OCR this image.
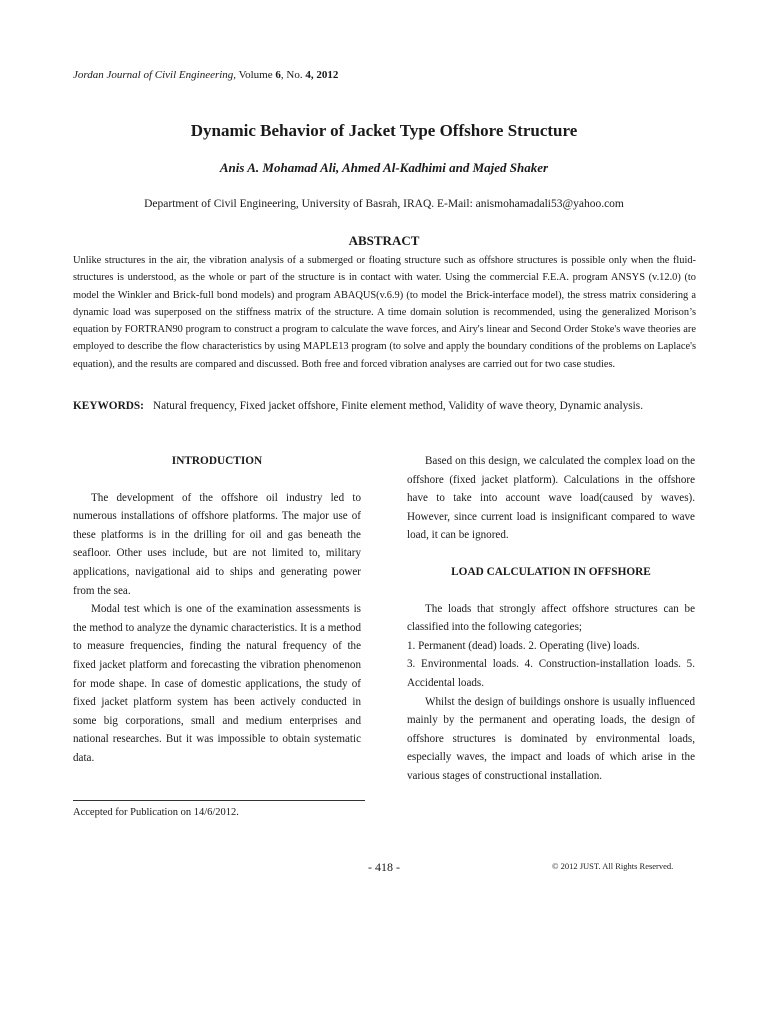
Jordan Journal of Civil Engineering, Volume 6, No. 4, 2012
Dynamic Behavior of Jacket Type Offshore Structure
Anis A. Mohamad Ali, Ahmed Al-Kadhimi and Majed Shaker
Department of Civil Engineering, University of Basrah, IRAQ. E-Mail: anismohamadali53@yahoo.com
ABSTRACT

Unlike structures in the air, the vibration analysis of a submerged or floating structure such as offshore structures is possible only when the fluid-structures is understood, as the whole or part of the structure is in contact with water. Using the commercial F.E.A. program ANSYS (v.12.0) (to model the Winkler and Brick-full bond models) and program ABAQUS(v.6.9) (to model the Brick-interface model), the stress matrix considering a dynamic load was superposed on the stiffness matrix of the structure. A time domain solution is recommended, using the generalized Morison’s equation by FORTRAN90 program to construct a program to calculate the wave forces, and Airy's linear and Second Order Stoke's wave theories are employed to describe the flow characteristics by using MAPLE13 program (to solve and apply the boundary conditions of the problems on Laplace's equation), and the results are compared and discussed. Both free and forced vibration analyses are carried out for two case studies.

KEYWORDS: Natural frequency, Fixed jacket offshore, Finite element method, Validity of wave theory, Dynamic analysis.
INTRODUCTION

The development of the offshore oil industry led to numerous installations of offshore platforms. The major use of these platforms is in the drilling for oil and gas beneath the seafloor. Other uses include, but are not limited to, military applications, navigational aid to ships and generating power from the sea.

Modal test which is one of the examination assessments is the method to analyze the dynamic characteristics. It is a method to measure frequencies, finding the natural frequency of the fixed jacket platform and forecasting the vibration phenomenon for mode shape. In case of domestic applications, the study of fixed jacket platform system has been actively conducted in some big corporations, small and medium enterprises and national researches. But it was impossible to obtain systematic data.

Based on this design, we calculated the complex load on the offshore (fixed jacket platform). Calculations in the offshore have to take into account wave load(caused by waves). However, since current load is insignificant compared to wave load, it can be ignored.

LOAD CALCULATION IN OFFSHORE

The loads that strongly affect offshore structures can be classified into the following categories;

1. Permanent (dead) loads. 2. Operating (live) loads.

3. Environmental loads. 4. Construction-installation loads. 5. Accidental loads.

Whilst the design of buildings onshore is usually influenced mainly by the permanent and operating loads, the design of offshore structures is dominated by environmental loads, especially waves, the impact and loads of which arise in the various stages of constructional installation.

Accepted for Publication on 14/6/2012.
- 418 -	© 2012 JUST. All Rights Reserved.
